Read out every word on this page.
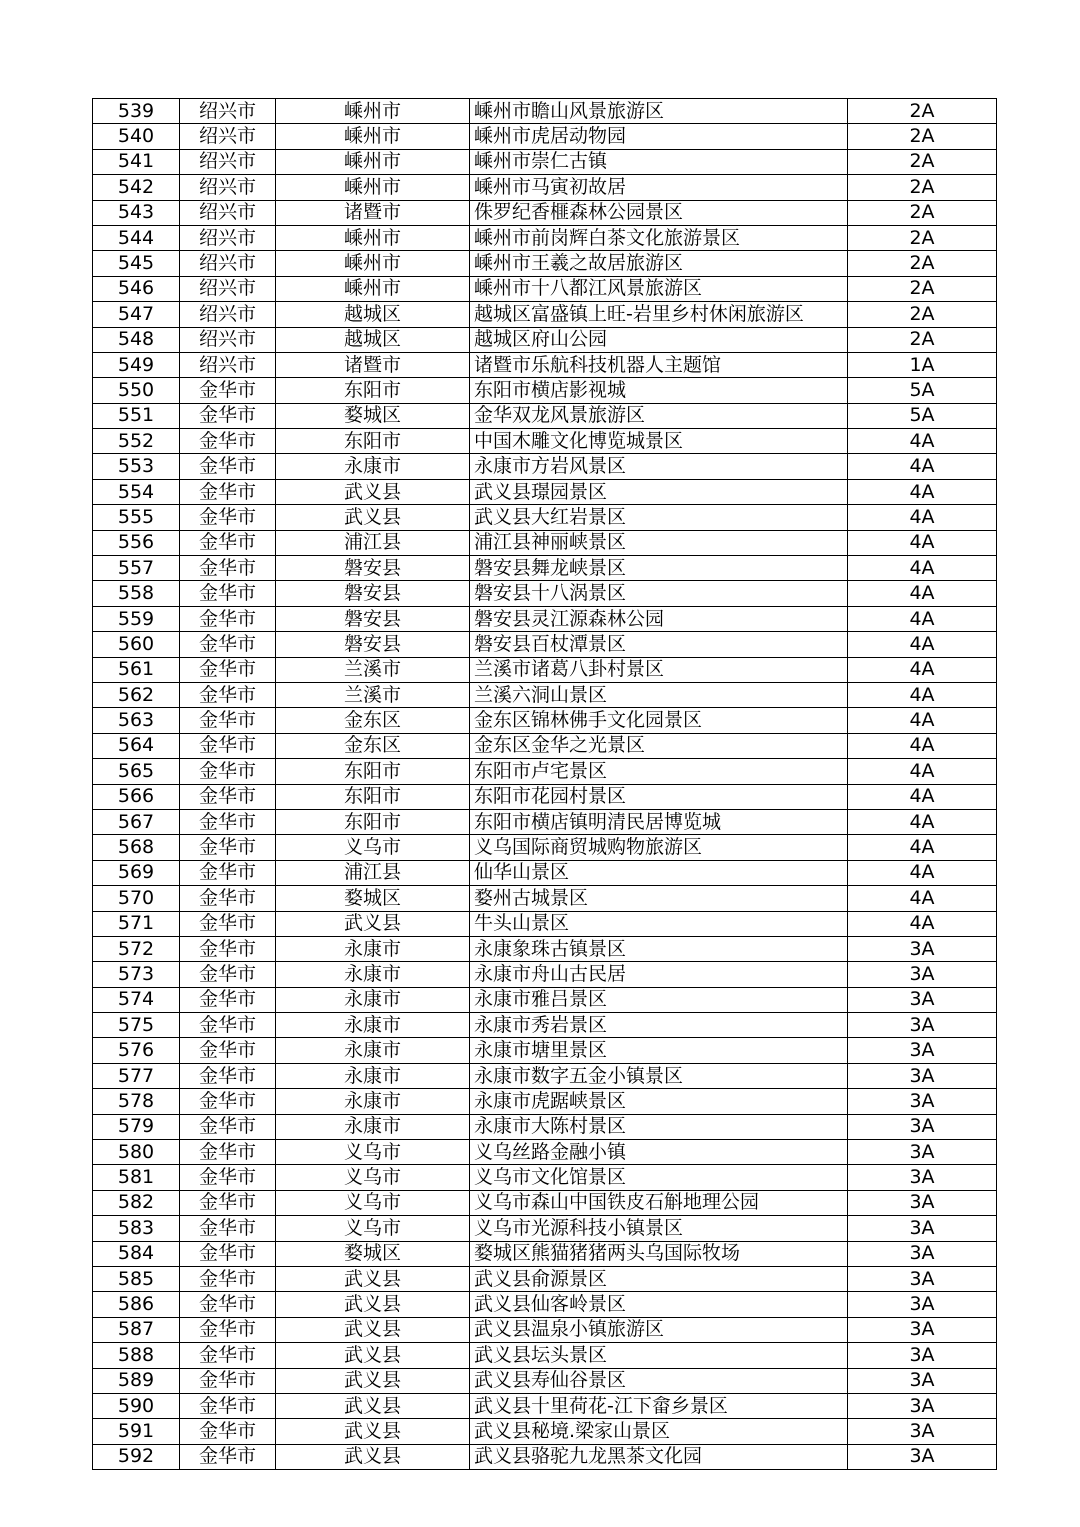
539	绍兴市	嵊州市	嵊州市瞻山风景旅游区	2A
540	绍兴市	嵊州市	嵊州市虎居动物园	2A
541	绍兴市	嵊州市	嵊州市崇仁古镇	2A
542	绍兴市	嵊州市	嵊州市马寅初故居	2A
543	绍兴市	诸暨市	侏罗纪香榧森林公园景区	2A
544	绍兴市	嵊州市	嵊州市前岗辉白茶文化旅游景区	2A
545	绍兴市	嵊州市	嵊州市王羲之故居旅游区	2A
546	绍兴市	嵊州市	嵊州市十八都江风景旅游区	2A
547	绍兴市	越城区	越城区富盛镇上旺-岩里乡村休闲旅游区	2A
548	绍兴市	越城区	越城区府山公园	2A
549	绍兴市	诸暨市	诸暨市乐航科技机器人主题馆	1A
550	金华市	东阳市	东阳市横店影视城	5A
551	金华市	婺城区	金华双龙风景旅游区	5A
552	金华市	东阳市	中国木雕文化博览城景区	4A
553	金华市	永康市	永康市方岩风景区	4A
554	金华市	武义县	武义县璟园景区	4A
555	金华市	武义县	武义县大红岩景区	4A
556	金华市	浦江县	浦江县神丽峡景区	4A
557	金华市	磐安县	磐安县舞龙峡景区	4A
558	金华市	磐安县	磐安县十八涡景区	4A
559	金华市	磐安县	磐安县灵江源森林公园	4A
560	金华市	磐安县	磐安县百杖潭景区	4A
561	金华市	兰溪市	兰溪市诸葛八卦村景区	4A
562	金华市	兰溪市	兰溪六洞山景区	4A
563	金华市	金东区	金东区锦林佛手文化园景区	4A
564	金华市	金东区	金东区金华之光景区	4A
565	金华市	东阳市	东阳市卢宅景区	4A
566	金华市	东阳市	东阳市花园村景区	4A
567	金华市	东阳市	东阳市横店镇明清民居博览城	4A
568	金华市	义乌市	义乌国际商贸城购物旅游区	4A
569	金华市	浦江县	仙华山景区	4A
570	金华市	婺城区	婺州古城景区	4A
571	金华市	武义县	牛头山景区	4A
572	金华市	永康市	永康象珠古镇景区	3A
573	金华市	永康市	永康市舟山古民居	3A
574	金华市	永康市	永康市雅吕景区	3A
575	金华市	永康市	永康市秀岩景区	3A
576	金华市	永康市	永康市塘里景区	3A
577	金华市	永康市	永康市数字五金小镇景区	3A
578	金华市	永康市	永康市虎踞峡景区	3A
579	金华市	永康市	永康市大陈村景区	3A
580	金华市	义乌市	义乌丝路金融小镇	3A
581	金华市	义乌市	义乌市文化馆景区	3A
582	金华市	义乌市	义乌市森山中国铁皮石斛地理公园	3A
583	金华市	义乌市	义乌市光源科技小镇景区	3A
584	金华市	婺城区	婺城区熊猫猪猪两头乌国际牧场	3A
585	金华市	武义县	武义县俞源景区	3A
586	金华市	武义县	武义县仙客岭景区	3A
587	金华市	武义县	武义县温泉小镇旅游区	3A
588	金华市	武义县	武义县坛头景区	3A
589	金华市	武义县	武义县寿仙谷景区	3A
590	金华市	武义县	武义县十里荷花-江下畲乡景区	3A
591	金华市	武义县	武义县秘境.梁家山景区	3A
592	金华市	武义县	武义县骆驼九龙黑茶文化园	3A
